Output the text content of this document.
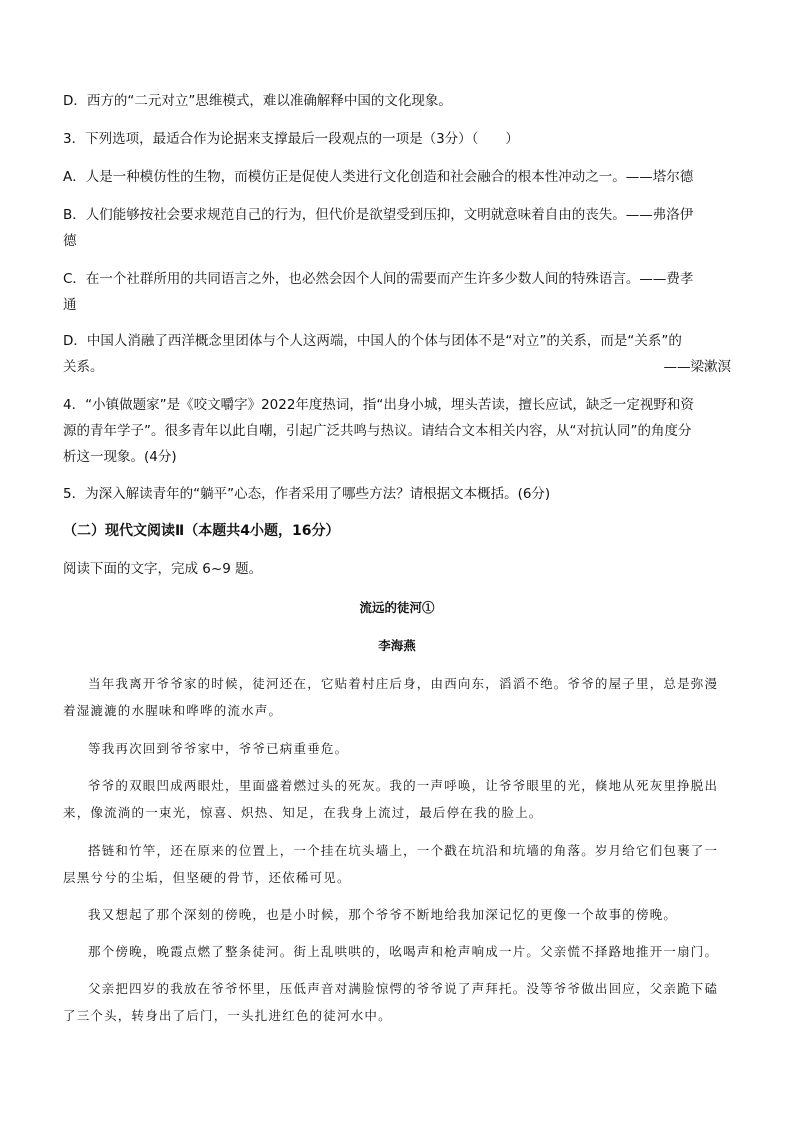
D．西方的“二元对立”思维模式，难以准确解释中国的文化现象。
3．下列选项，最适合作为论据来支撑最后一段观点的一项是（3分）（　　）
A．人是一种模仿性的生物，而模仿正是促使人类进行文化创造和社会融合的根本性冲动之一。——塔尔德
B．人们能够按社会要求规范自己的行为，但代价是欲望受到压抑，文明就意味着自由的丧失。——弗洛伊
德
C．在一个社群所用的共同语言之外，也必然会因个人间的需要而产生许多少数人间的特殊语言。——费孝
通
D．中国人消融了西洋概念里团体与个人这两端，中国人的个体与团体不是“对立”的关系，而是“关系”的
关系。	——梁漱溟
4．“小镇做题家”是《咬文嚼字》2022年度热词，指“出身小城，埋头苦读，擅长应试，缺乏一定视野和资
源的青年学子”。很多青年以此自嘲，引起广泛共鸣与热议。请结合文本相关内容，从“对抗认同”的角度分
析这一现象。(4分)
5．为深入解读青年的“躺平”心态，作者采用了哪些方法？请根据文本概括。(6分)
（二）现代文阅读Ⅱ（本题共4小题，16分）
阅读下面的文字，完成 6~9 题。
流远的徒河①
李海燕
当年我离开爷爷家的时候，徒河还在，它贴着村庄后身，由西向东，滔滔不绝。爷爷的屋子里，总是弥漫着湿漉漉的水腥味和哗哗的流水声。
等我再次回到爷爷家中，爷爷已病重垂危。
爷爷的双眼凹成两眼灶，里面盛着燃过头的死灰。我的一声呼唤，让爷爷眼里的光，倏地从死灰里挣脱出来，像流淌的一束光，惊喜、炽热、知足，在我身上流过，最后停在我的脸上。
搭链和竹竿，还在原来的位置上，一个挂在坑头墙上，一个戳在坑沿和坑墙的角落。岁月给它们包裹了一层黑兮兮的尘垢，但坚硬的骨节，还依稀可见。
我又想起了那个深刻的傍晚，也是小时候，那个爷爷不断地给我加深记忆的更像一个故事的傍晚。
那个傍晚，晚霞点燃了整条徒河。街上乱哄哄的，吆喝声和枪声响成一片。父亲慌不择路地推开一扇门。
父亲把四岁的我放在爷爷怀里，压低声音对满脸惊愕的爷爷说了声拜托。没等爷爷做出回应，父亲跪下磕了三个头，转身出了后门，一头扎进红色的徒河水中。
